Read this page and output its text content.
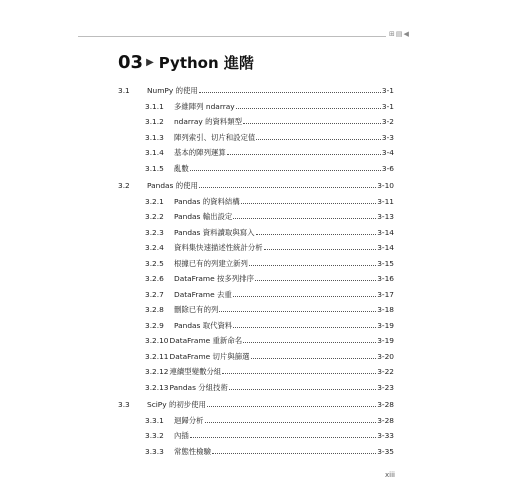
⊞▤◀
03 ▶ Python 進階
3.1	NumPy 的使用	3-1
3.1.1	多維陣列 ndarray	3-1
3.1.2	ndarray 的資料類型	3-2
3.1.3	陣列索引、切片和設定值	3-3
3.1.4	基本的陣列運算	3-4
3.1.5	亂數	3-6
3.2	Pandas 的使用	3-10
3.2.1	Pandas 的資料結構	3-11
3.2.2	Pandas 輸出設定	3-13
3.2.3	Pandas 資料讀取與寫入	3-14
3.2.4	資料集快速描述性統計分析	3-14
3.2.5	根據已有的列建立新列	3-15
3.2.6	DataFrame 按多列排序	3-16
3.2.7	DataFrame 去重	3-17
3.2.8	刪除已有的列	3-18
3.2.9	Pandas 取代資料	3-19
3.2.10 DataFrame 重新命名	3-19
3.2.11 DataFrame 切片與篩選	3-20
3.2.12 連續型變數分組	3-22
3.2.13 Pandas 分組技術	3-23
3.3	SciPy 的初步使用	3-28
3.3.1	迴歸分析	3-28
3.3.2	內插	3-33
3.3.3	常態性檢驗	3-35
xiii
